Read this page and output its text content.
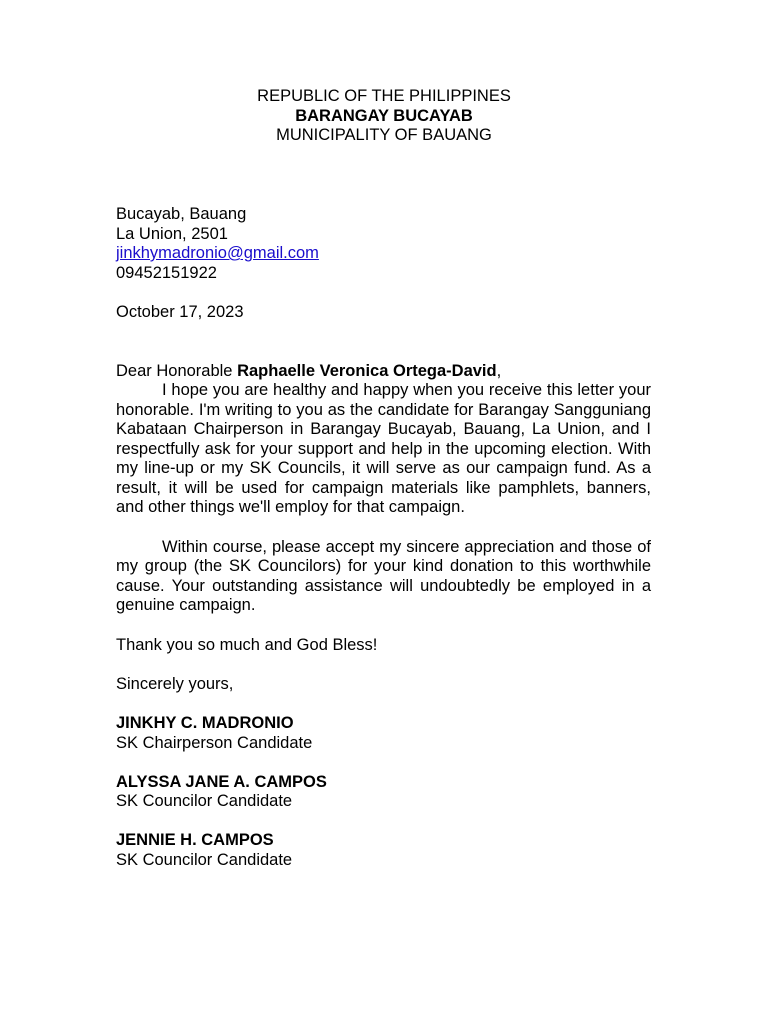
REPUBLIC OF THE PHILIPPINES
BARANGAY BUCAYAB
MUNICIPALITY OF BAUANG
Bucayab, Bauang
La Union, 2501
jinkhymadronio@gmail.com
09452151922
October 17, 2023
Dear Honorable Raphaelle Veronica Ortega-David,

I hope you are healthy and happy when you receive this letter your honorable. I'm writing to you as the candidate for Barangay Sangguniang Kabataan Chairperson in Barangay Bucayab, Bauang, La Union, and I respectfully ask for your support and help in the upcoming election. With my line-up or my SK Councils, it will serve as our campaign fund. As a result, it will be used for campaign materials like pamphlets, banners, and other things we'll employ for that campaign.

Within course, please accept my sincere appreciation and those of my group (the SK Councilors) for your kind donation to this worthwhile cause. Your outstanding assistance will undoubtedly be employed in a genuine campaign.

Thank you so much and God Bless!
Sincerely yours,
JINKHY C. MADRONIO
SK Chairperson Candidate
ALYSSA JANE A. CAMPOS
SK Councilor Candidate
JENNIE H. CAMPOS
SK Councilor Candidate
